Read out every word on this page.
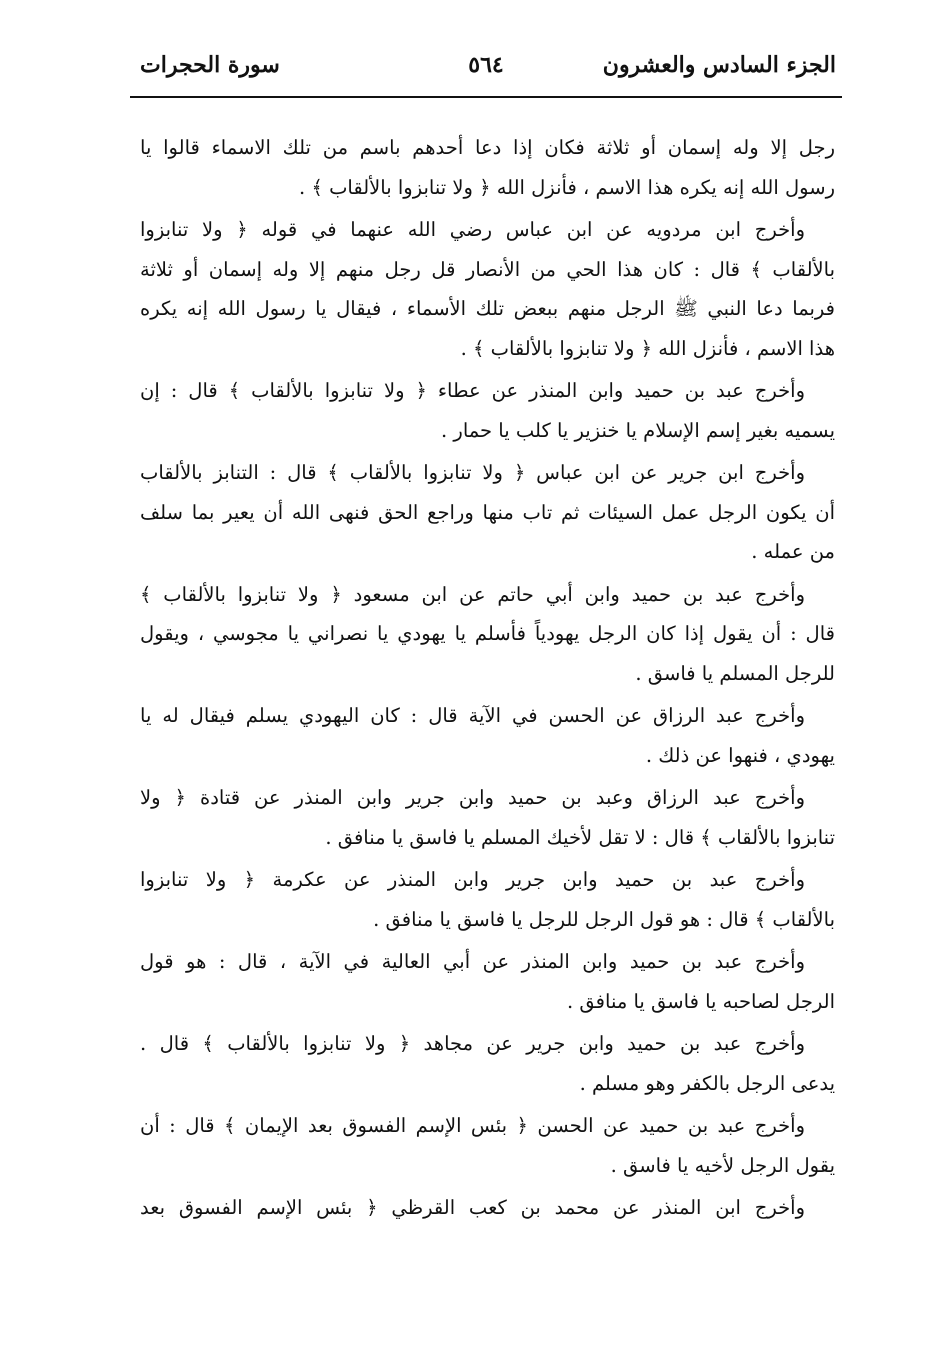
الجزء السادس والعشرون
٥٦٤
سورة الحجرات
رجل إلا وله إسمان أو ثلاثة فكان إذا دعا أحدهم باسم من تلك الاسماء قالوا يا
رسول الله إنه يكره هذا الاسم ، فأنزل الله ﴿ ولا تنابزوا بالألقاب ﴾ .
وأخرج ابن مردويه عن ابن عباس رضي الله عنهما في قوله ﴿ ولا تنابزوا
بالألقاب ﴾ قال : كان هذا الحي من الأنصار قل رجل منهم إلا وله إسمان أو ثلاثة
فربما دعا النبي ﷺ الرجل منهم ببعض تلك الأسماء ، فيقال يا رسول الله إنه يكره
هذا الاسم ، فأنزل الله ﴿ ولا تنابزوا بالألقاب ﴾ .
وأخرج عبد بن حميد وابن المنذر عن عطاء ﴿ ولا تنابزوا بالألقاب ﴾ قال : إن
يسميه بغير إسم الإسلام يا خنزير يا كلب يا حمار .
وأخرج ابن جرير عن ابن عباس ﴿ ولا تنابزوا بالألقاب ﴾ قال : التنابز بالألقاب
أن يكون الرجل عمل السيئات ثم تاب منها وراجع الحق فنهى الله أن يعير بما سلف
من عمله .
وأخرج عبد بن حميد وابن أبي حاتم عن ابن مسعود ﴿ ولا تنابزوا بالألقاب ﴾
قال : أن يقول إذا كان الرجل يهودياً فأسلم يا يهودي يا نصراني يا مجوسي ، ويقول
للرجل المسلم يا فاسق .
وأخرج عبد الرزاق عن الحسن في الآية قال : كان اليهودي يسلم فيقال له يا
يهودي ، فنهوا عن ذلك .
وأخرج عبد الرزاق وعبد بن حميد وابن جرير وابن المنذر عن قتادة ﴿ ولا
تنابزوا بالألقاب ﴾ قال : لا تقل لأخيك المسلم يا فاسق يا منافق .
وأخرج عبد بن حميد وابن جرير وابن المنذر عن عكرمة ﴿ ولا تنابزوا
بالألقاب ﴾ قال : هو قول الرجل للرجل يا فاسق يا منافق .
وأخرج عبد بن حميد وابن المنذر عن أبي العالية في الآية ، قال : هو قول
الرجل لصاحبه يا فاسق يا منافق .
وأخرج عبد بن حميد وابن جرير عن مجاهد ﴿ ولا تنابزوا بالألقاب ﴾ قال .
يدعى الرجل بالكفر وهو مسلم .
وأخرج عبد بن حميد عن الحسن ﴿ بئس الإسم الفسوق بعد الإيمان ﴾ قال : أن
يقول الرجل لأخيه يا فاسق .
وأخرج ابن المنذر عن محمد بن كعب القرظي ﴿ بئس الإسم الفسوق بعد
